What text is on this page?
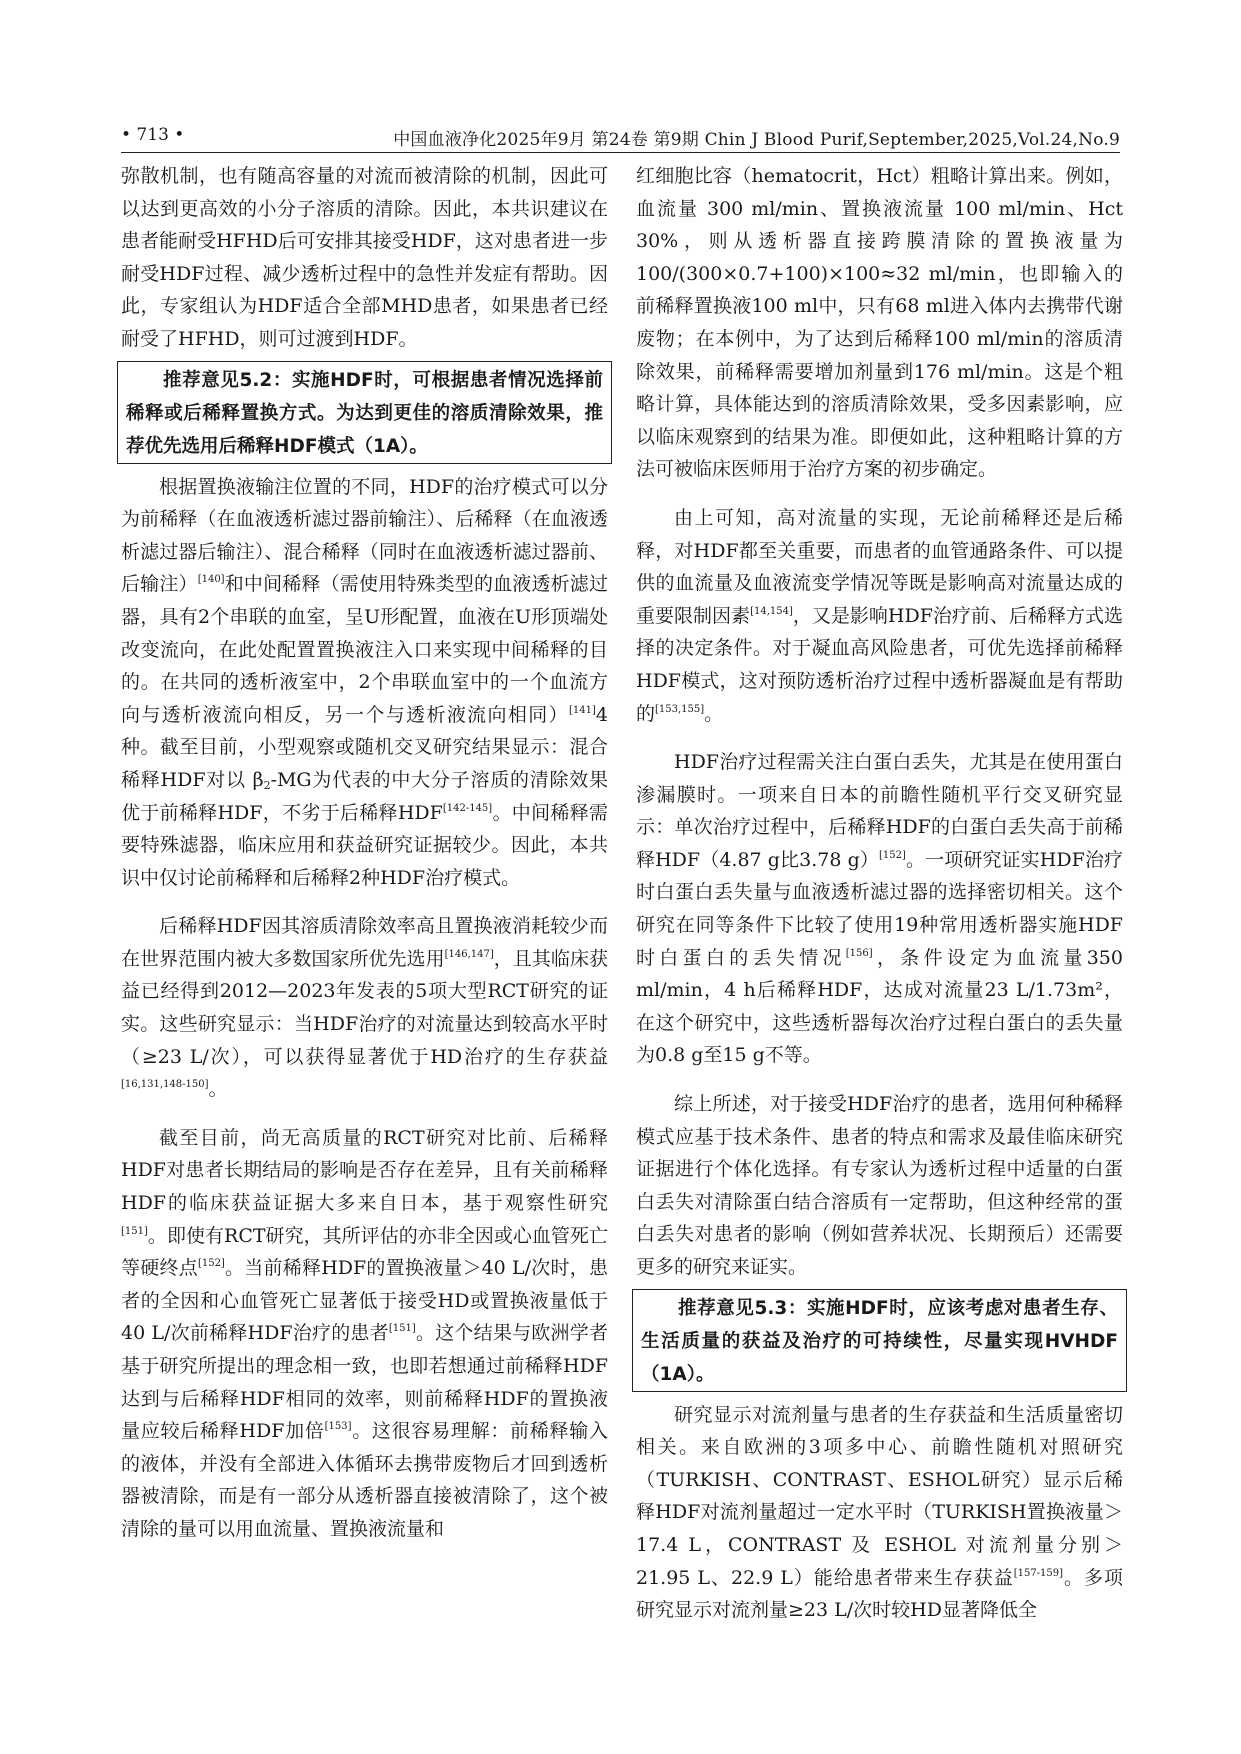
• 713 •	中国血液净化2025年9月 第24卷 第9期 Chin J Blood Purif,September,2025,Vol.24,No.9

弥散机制，也有随高容量的对流而被清除的机制，因此可以达到更高效的小分子溶质的清除。因此，本共识建议在患者能耐受HFHD后可安排其接受HDF，这对患者进一步耐受HDF过程、减少透析过程中的急性并发症有帮助。因此，专家组认为HDF适合全部MHD患者，如果患者已经耐受了HFHD，则可过渡到HDF。

推荐意见5.2：实施HDF时，可根据患者情况选择前稀释或后稀释置换方式。为达到更佳的溶质清除效果，推荐优先选用后稀释HDF模式（1A）。

根据置换液输注位置的不同，HDF的治疗模式可以分为前稀释（在血液透析滤过器前输注）、后稀释（在血液透析滤过器后输注）、混合稀释（同时在血液透析滤过器前、后输注）[140]和中间稀释（需使用特殊类型的血液透析滤过器，具有2个串联的血室，呈U形配置，血液在U形顶端处改变流向，在此处配置置换液注入口来实现中间稀释的目的。在共同的透析液室中，2个串联血室中的一个血流方向与透析液流向相反，另一个与透析液流向相同）[141]4种。截至目前，小型观察或随机交叉研究结果显示：混合稀释HDF对以 $\beta_2-MG$为代表的中大分子溶质的清除效果优于前稀释HDF，不劣于后稀释HDF[142-145]。中间稀释需要特殊滤器，临床应用和获益研究证据较少。因此，本共识中仅讨论前稀释和后稀释2种HDF治疗模式。

后稀释HDF因其溶质清除效率高且置换液消耗较少而在世界范围内被大多数国家所优先选用[146,147]，且其临床获益已经得到2012—2023年发表的5项大型RCT研究的证实。这些研究显示：当HDF治疗的对流量达到较高水平时（≥23 L/次），可以获得显著优于HD治疗的生存获益[16,131,148-150]。

截至目前，尚无高质量的RCT研究对比前、后稀释HDF对患者长期结局的影响是否存在差异，且有关前稀释HDF的临床获益证据大多来自日本，基于观察性研究[151]。即使有RCT研究，其所评估的亦非全因或心血管死亡等硬终点[152]。当前稀释HDF的置换液量＞40 L/次时，患者的全因和心血管死亡显著低于接受HD或置换液量低于40 L/次前稀释HDF治疗的患者[151]。这个结果与欧洲学者基于研究所提出的理念相一致，也即若想通过前稀释HDF达到与后稀释HDF相同的效率，则前稀释HDF的置换液量应较后稀释HDF加倍[153]。这很容易理解：前稀释输入的液体，并没有全部进入体循环去携带废物后才回到透析器被清除，而是有一部分从透析器直接被清除了，这个被清除的量可以用血流量、置换液流量和

红细胞比容（hematocrit，Hct）粗略计算出来。例如，血流量 300 ml/min、置换液流量 100 ml/min、Hct 30%，则从透析器直接跨膜清除的置换液量为100/(300×0.7+100)×100≈32 ml/min，也即输入的前稀释置换液100 ml中，只有68 ml进入体内去携带代谢废物；在本例中，为了达到后稀释100 ml/min的溶质清除效果，前稀释需要增加剂量到176 ml/min。这是个粗略计算，具体能达到的溶质清除效果，受多因素影响，应以临床观察到的结果为准。即便如此，这种粗略计算的方法可被临床医师用于治疗方案的初步确定。

由上可知，高对流量的实现，无论前稀释还是后稀释，对HDF都至关重要，而患者的血管通路条件、可以提供的血流量及血液流变学情况等既是影响高对流量达成的重要限制因素[14,154]，又是影响HDF治疗前、后稀释方式选择的决定条件。对于凝血高风险患者，可优先选择前稀释HDF模式，这对预防透析治疗过程中透析器凝血是有帮助的[153,155]。

HDF治疗过程需关注白蛋白丢失，尤其是在使用蛋白渗漏膜时。一项来自日本的前瞻性随机平行交叉研究显示：单次治疗过程中，后稀释HDF的白蛋白丢失高于前稀释HDF（4.87 g比3.78 g）[152]。一项研究证实HDF治疗时白蛋白丢失量与血液透析滤过器的选择密切相关。这个研究在同等条件下比较了使用19种常用透析器实施HDF时白蛋白的丢失情况[156]，条件设定为血流量350 ml/min，4 h后稀释HDF，达成对流量23 L/1.73m²，在这个研究中，这些透析器每次治疗过程白蛋白的丢失量为0.8 g至15 g不等。

综上所述，对于接受HDF治疗的患者，选用何种稀释模式应基于技术条件、患者的特点和需求及最佳临床研究证据进行个体化选择。有专家认为透析过程中适量的白蛋白丢失对清除蛋白结合溶质有一定帮助，但这种经常的蛋白丢失对患者的影响（例如营养状况、长期预后）还需要更多的研究来证实。

推荐意见5.3：实施HDF时，应该考虑对患者生存、生活质量的获益及治疗的可持续性，尽量实现HVHDF（1A）。

研究显示对流剂量与患者的生存获益和生活质量密切相关。来自欧洲的3项多中心、前瞻性随机对照研究（TURKISH、CONTRAST、ESHOL研究）显示后稀释HDF对流剂量超过一定水平时（TURKISH置换液量＞17.4 L，CONTRAST 及 ESHOL 对流剂量分别＞21.95 L、22.9 L）能给患者带来生存获益[157-159]。多项研究显示对流剂量≥23 L/次时较HD显著降低全
